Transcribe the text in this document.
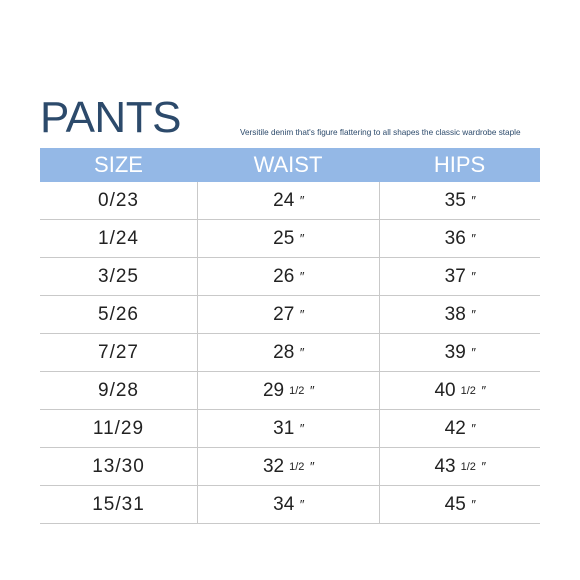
PANTS	Versitile denim that's figure flattering to all shapes the classic wardrobe staple
SIZE	WAIST	HIPS
0/23	24 ″	35 ″
1/24	25 ″	36 ″
3/25	26 ″	37 ″
5/26	27 ″	38 ″
7/27	28 ″	39 ″
9/28	29 1/2 ″	40 1/2 ″
11/29	31 ″	42 ″
13/30	32 1/2 ″	43 1/2 ″
15/31	34 ″	45 ″
